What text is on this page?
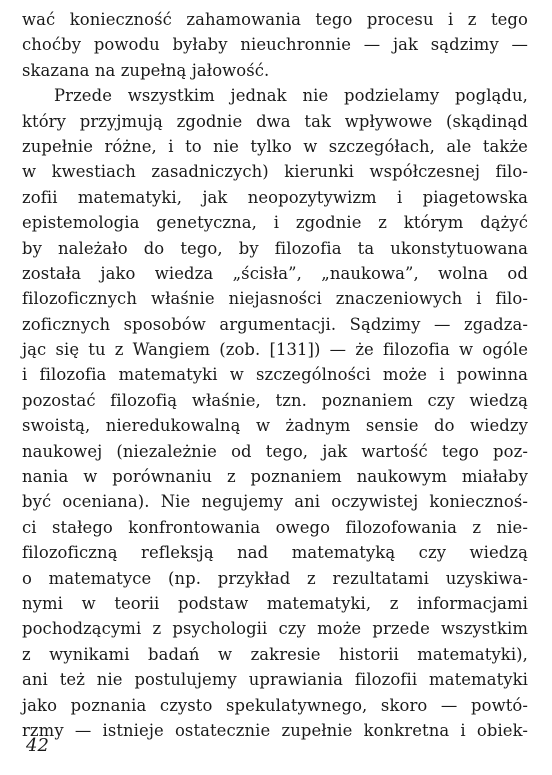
wać konieczność zahamowania tego procesu i z tego
choćby powodu byłaby nieuchronnie — jak sądzimy —
skazana na zupełną jałowość.
Przede wszystkim jednak nie podzielamy poglądu,
który przyjmują zgodnie dwa tak wpływowe (skądinąd
zupełnie różne, i to nie tylko w szczegółach, ale także
w kwestiach zasadniczych) kierunki współczesnej filo-
zofii matematyki, jak neopozytywizm i piagetowska
epistemologia genetyczna, i zgodnie z którym dążyć
by należało do tego, by filozofia ta ukonstytuowana
została jako wiedza „ścisła”, „naukowa”, wolna od
filozoficznych właśnie niejasności znaczeniowych i filo-
zoficznych sposobów argumentacji. Sądzimy — zgadza-
jąc się tu z Wangiem (zob. [131]) — że filozofia w ogóle
i filozofia matematyki w szczególności może i powinna
pozostać filozofią właśnie, tzn. poznaniem czy wiedzą
swoistą, nieredukowalną w żadnym sensie do wiedzy
naukowej (niezależnie od tego, jak wartość tego poz-
nania w porównaniu z poznaniem naukowym miałaby
być oceniana). Nie negujemy ani oczywistej koniecznoś-
ci stałego konfrontowania owego filozofowania z nie-
filozoficzną refleksją nad matematyką czy wiedzą
o matematyce (np. przykład z rezultatami uzyskiwa-
nymi w teorii podstaw matematyki, z informacjami
pochodzącymi z psychologii czy może przede wszystkim
z wynikami badań w zakresie historii matematyki),
ani też nie postulujemy uprawiania filozofii matematyki
jako poznania czysto spekulatywnego, skoro — powtó-
rzmy — istnieje ostatecznie zupełnie konkretna i obiek-
42
